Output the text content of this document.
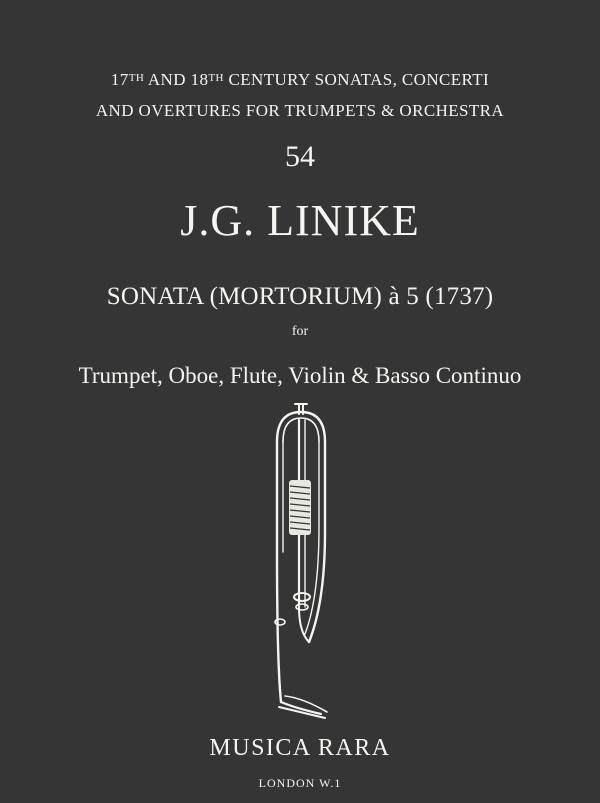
17TH AND 18TH CENTURY SONATAS, CONCERTI
AND OVERTURES FOR TRUMPETS & ORCHESTRA
54
J.G. LINIKE
SONATA (MORTORIUM) à 5 (1737)
for
Trumpet, Oboe, Flute, Violin & Basso Continuo
MUSICA RARA
LONDON W.1
